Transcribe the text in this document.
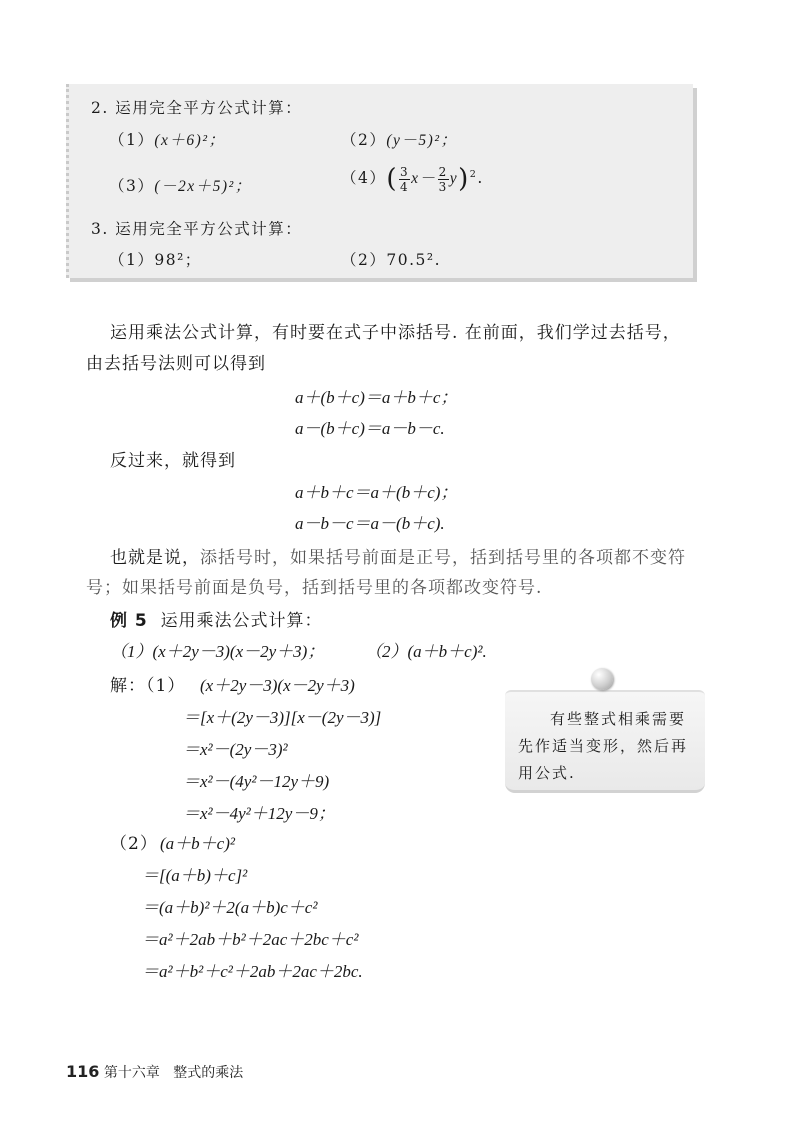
2. 运用完全平方公式计算：
（1）(x＋6)²；	（2）(y－5)²；
（3）(－2x＋5)²；	$(4)( \frac{3}{4} x- \frac{2}{3} y)^2$.
3. 运用完全平方公式计算：
（1）98²；	（2）70.5².
运用乘法公式计算，有时要在式子中添括号. 在前面，我们学过去括号，
由去括号法则可以得到
a＋(b＋c)＝a＋b＋c；
a－(b＋c)＝a－b－c.
反过来，就得到
a＋b＋c＝a＋(b＋c)；
a－b－c＝a－(b＋c).
也就是说，添括号时，如果括号前面是正号，括到括号里的各项都不变符
号；如果括号前面是负号，括到括号里的各项都改变符号.
例 5 运用乘法公式计算：
（1）(x＋2y－3)(x－2y＋3)； （2）(a＋b＋c)².
解：（1） (x＋2y－3)(x－2y＋3)
＝[x＋(2y－3)][x－(2y－3)]
＝x²－(2y－3)²
＝x²－(4y²－12y＋9)
＝x²－4y²＋12y－9；
有些整式相乘需要
先作适当变形，然后再
用公式.
（2） (a＋b＋c)²
＝[(a＋b)＋c]²
＝(a＋b)²＋2(a＋b)c＋c²
＝a²＋2ab＋b²＋2ac＋2bc＋c²
＝a²＋b²＋c²＋2ab＋2ac＋2bc.
116 第十六章 整式的乘法
